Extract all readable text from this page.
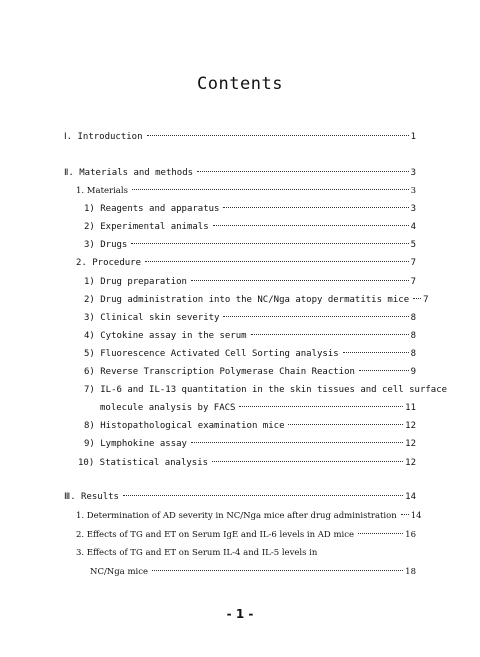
Contents
Ⅰ. Introduction	1
Ⅱ. Materials and methods	3
1. Materials	3
1) Reagents and apparatus	3
2) Experimental animals	4
3) Drugs	5
2. Procedure	7
1) Drug preparation	7
2) Drug administration into the NC/Nga atopy dermatitis mice 7
3) Clinical skin severity	8
4) Cytokine assay in the serum	8
5) Fluorescence Activated Cell Sorting analysis	8
6) Reverse Transcription Polymerase Chain Reaction	9
7) IL-6 and IL-13 quantitation in the skin tissues and cell surface
molecule analysis by FACS	11
8) Histopathological examination mice	12
9) Lymphokine assay	12
10) Statistical analysis	12
Ⅲ. Results	14
1. Determination of AD severity in NC/Nga mice after drug administration 14
2. Effects of TG and ET on Serum IgE and IL-6 levels in AD mice	16
3. Effects of TG and ET on Serum IL-4 and IL-5 levels in
NC/Nga mice	18
- 1 -
